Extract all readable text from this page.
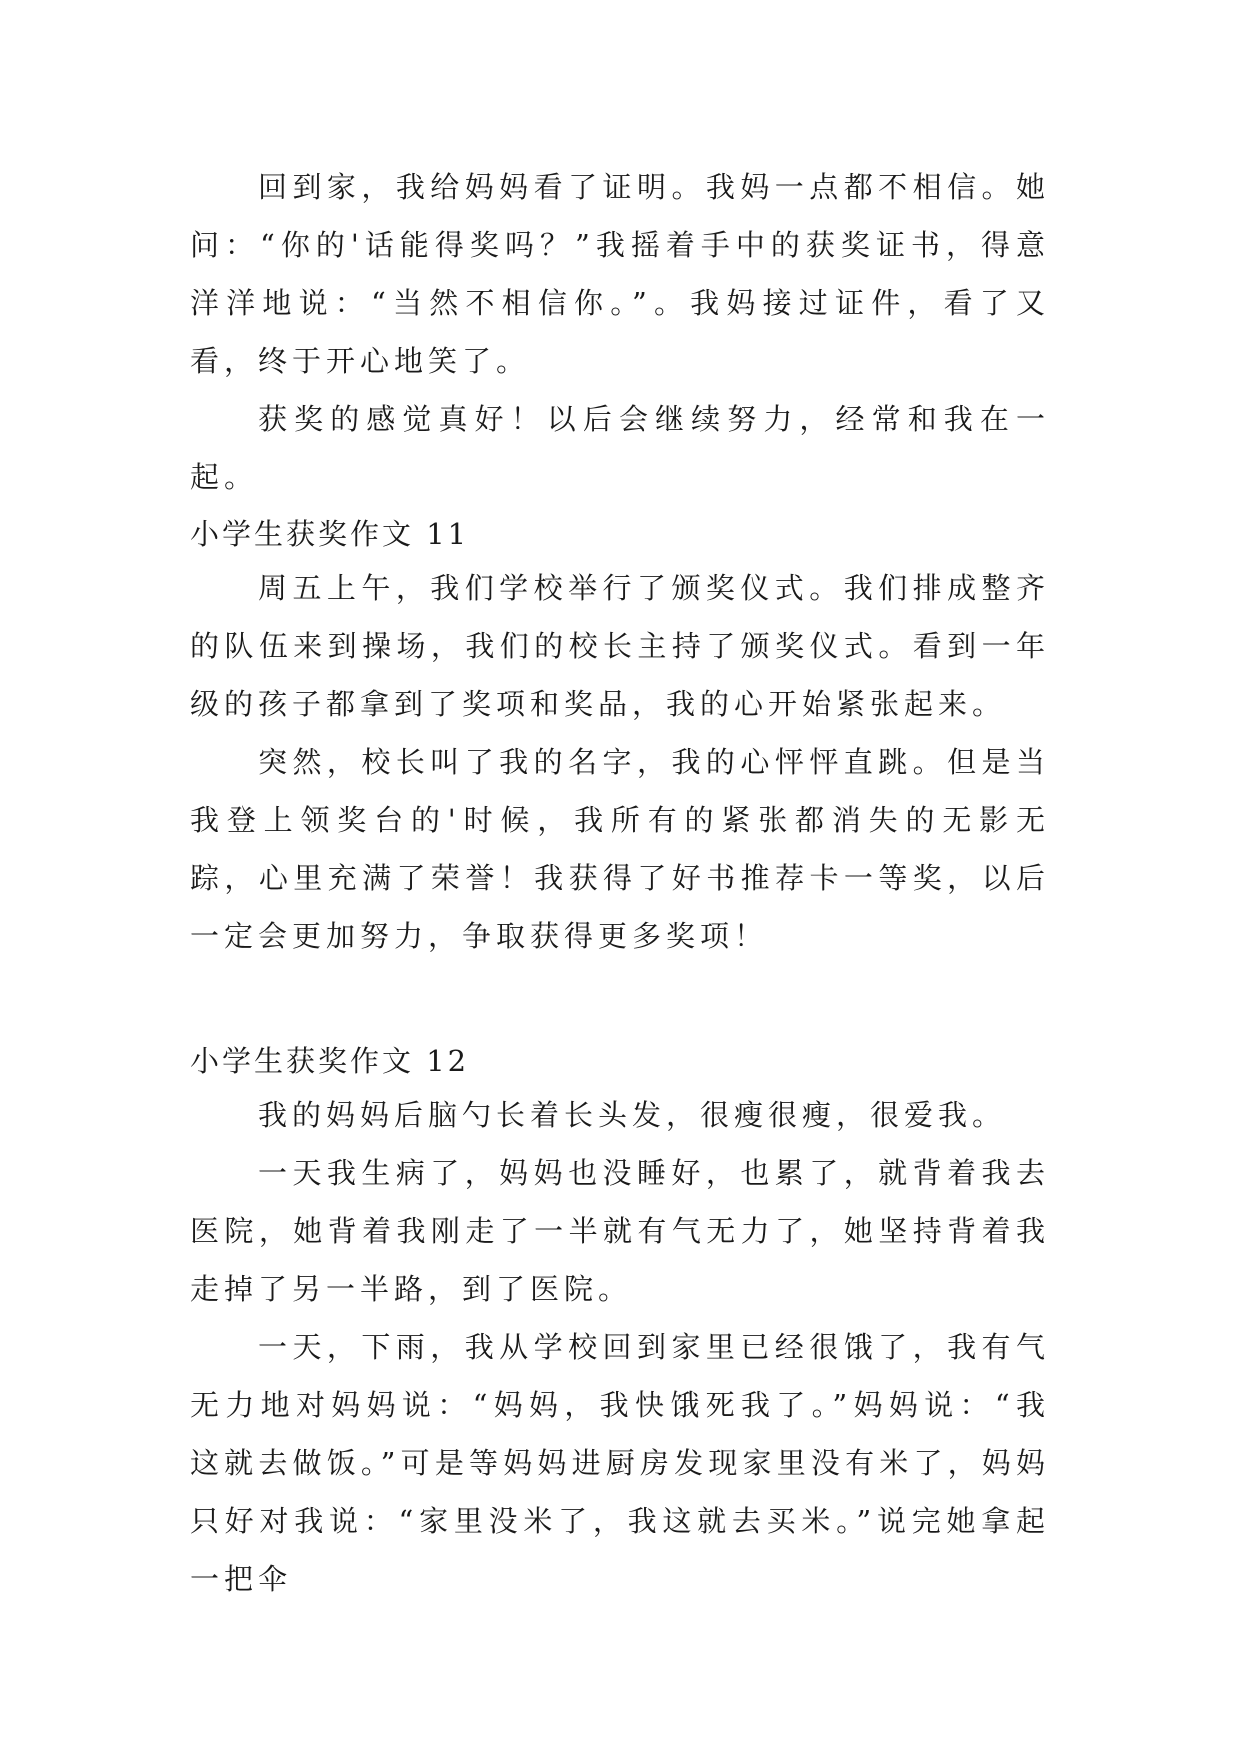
回到家，我给妈妈看了证明。我妈一点都不相信。她问：“你的'话能得奖吗？”我摇着手中的获奖证书，得意洋洋地说：“当然不相信你。”。我妈接过证件，看了又看，终于开心地笑了。

获奖的感觉真好！以后会继续努力，经常和我在一起。

小学生获奖作文 11

周五上午，我们学校举行了颁奖仪式。我们排成整齐的队伍来到操场，我们的校长主持了颁奖仪式。看到一年级的孩子都拿到了奖项和奖品，我的心开始紧张起来。

突然，校长叫了我的名字，我的心怦怦直跳。但是当我登上领奖台的'时候，我所有的紧张都消失的无影无踪，心里充满了荣誉！我获得了好书推荐卡一等奖，以后一定会更加努力，争取获得更多奖项！

小学生获奖作文 12

我的妈妈后脑勺长着长头发，很瘦很瘦，很爱我。

一天我生病了，妈妈也没睡好，也累了，就背着我去医院，她背着我刚走了一半就有气无力了，她坚持背着我走掉了另一半路，到了医院。

一天，下雨，我从学校回到家里已经很饿了，我有气无力地对妈妈说：“妈妈，我快饿死我了。”妈妈说：“我这就去做饭。”可是等妈妈进厨房发现家里没有米了，妈妈只好对我说：“家里没米了，我这就去买米。”说完她拿起一把伞
